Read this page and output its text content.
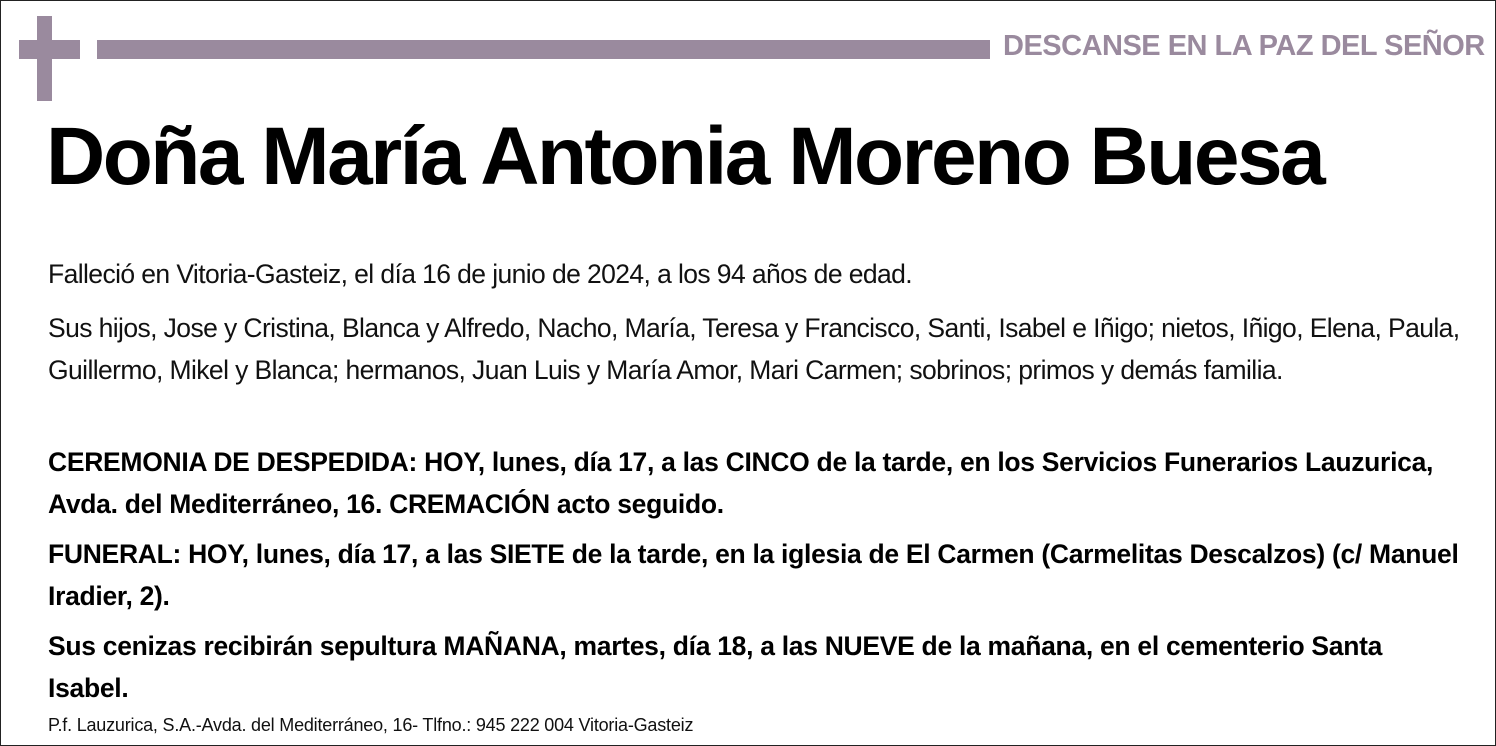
DESCANSE EN LA PAZ DEL SEÑOR
Doña María Antonia Moreno Buesa

Falleció en Vitoria-Gasteiz, el día 16 de junio de 2024, a los 94 años de edad.

Sus hijos, Jose y Cristina, Blanca y Alfredo, Nacho, María, Teresa y Francisco, Santi, Isabel e Iñigo; nietos, Iñigo, Elena, Paula, Guillermo, Mikel y Blanca; hermanos, Juan Luis y María Amor, Mari Carmen; sobrinos; primos y demás familia.

CEREMONIA DE DESPEDIDA: HOY, lunes, día 17, a las CINCO de la tarde, en los Servicios Funerarios Lauzurica, Avda. del Mediterráneo, 16. CREMACIÓN acto seguido.

FUNERAL: HOY, lunes, día 17, a las SIETE de la tarde, en la iglesia de El Carmen (Carmelitas Descalzos) (c/ Manuel Iradier, 2).

Sus cenizas recibirán sepultura MAÑANA, martes, día 18, a las NUEVE de la mañana, en el cementerio Santa Isabel.

P.f. Lauzurica, S.A.-Avda. del Mediterráneo, 16- Tlfno.: 945 222 004 Vitoria-Gasteiz
